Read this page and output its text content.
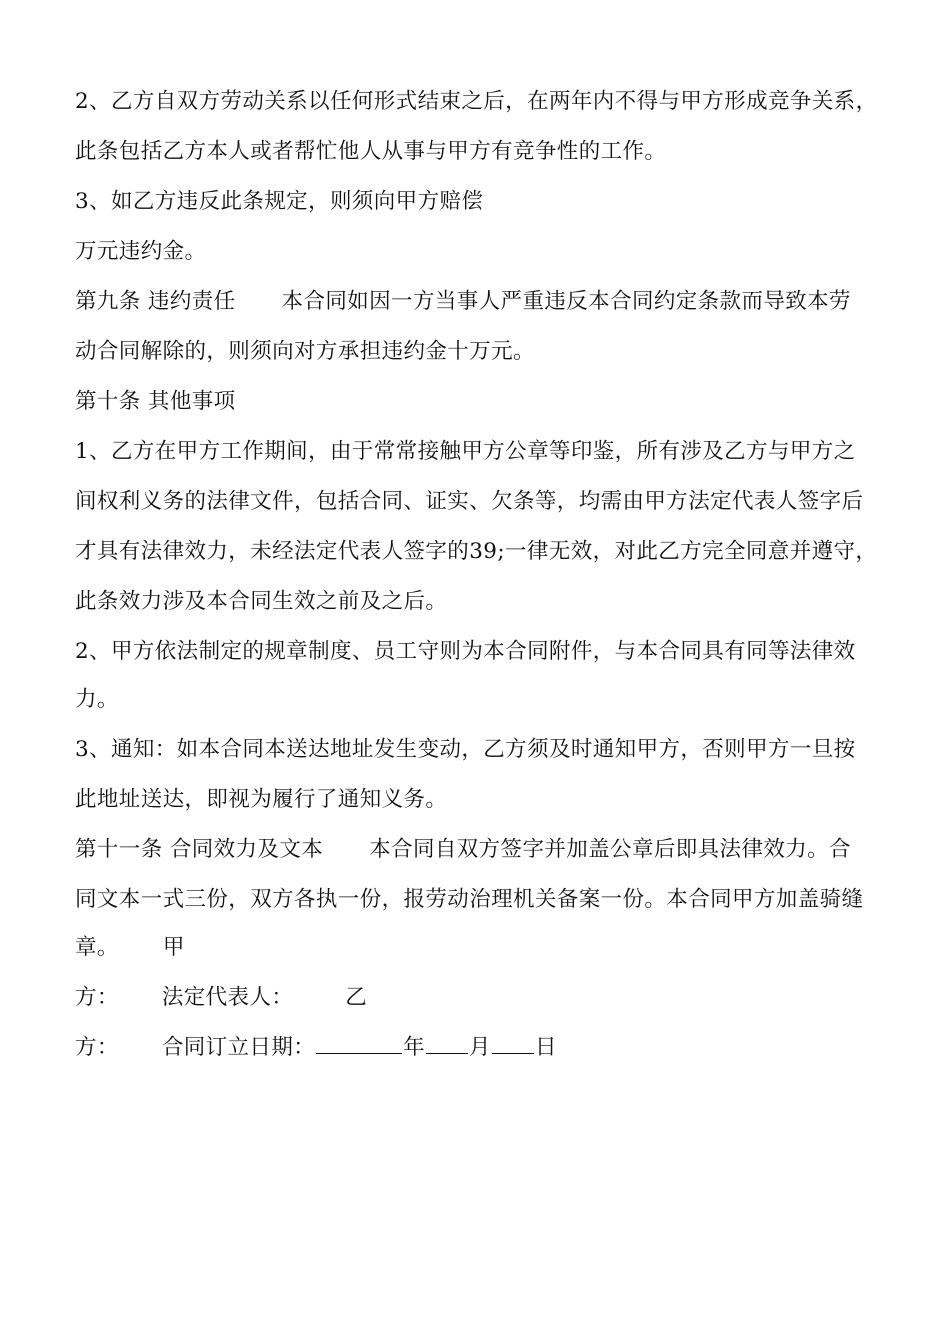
2、乙方自双方劳动关系以任何形式结束之后，在两年内不得与甲方形成竞争关系，
此条包括乙方本人或者帮忙他人从事与甲方有竞争性的工作。
3、如乙方违反此条规定，则须向甲方赔偿
万元违约金。
第九条 违约责任 本合同如因一方当事人严重违反本合同约定条款而导致本劳
动合同解除的，则须向对方承担违约金十万元。
第十条 其他事项
1、乙方在甲方工作期间，由于常常接触甲方公章等印鉴，所有涉及乙方与甲方之
间权利义务的法律文件，包括合同、证实、欠条等，均需由甲方法定代表人签字后
才具有法律效力，未经法定代表人签字的39;一律无效，对此乙方完全同意并遵守，
此条效力涉及本合同生效之前及之后。
2、甲方依法制定的规章制度、员工守则为本合同附件，与本合同具有同等法律效
力。
3、通知：如本合同本送达地址发生变动，乙方须及时通知甲方，否则甲方一旦按
此地址送达，即视为履行了通知义务。
第十一条 合同效力及文本 本合同自双方签字并加盖公章后即具法律效力。合
同文本一式三份，双方各执一份，报劳动治理机关备案一份。本合同甲方加盖骑缝
章。 甲
方： 法定代表人： 乙
方： 合同订立日期：	年 月 日
